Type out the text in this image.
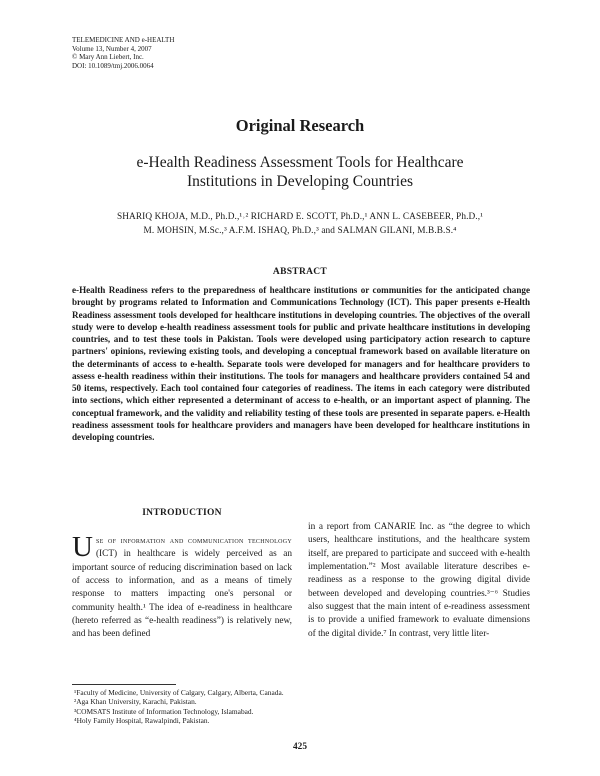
TELEMEDICINE AND e-HEALTH
Volume 13, Number 4, 2007
© Mary Ann Liebert, Inc.
DOI: 10.1089/tmj.2006.0064
Original Research
e-Health Readiness Assessment Tools for Healthcare
Institutions in Developing Countries
SHARIQ KHOJA, M.D., Ph.D.,¹˒² RICHARD E. SCOTT, Ph.D.,¹ ANN L. CASEBEER, Ph.D.,¹
M. MOHSIN, M.Sc.,³ A.F.M. ISHAQ, Ph.D.,³ and SALMAN GILANI, M.B.B.S.⁴
ABSTRACT
e-Health Readiness refers to the preparedness of healthcare institutions or communities for the anticipated change brought by programs related to Information and Communications Technology (ICT). This paper presents e-Health Readiness assessment tools developed for healthcare institutions in developing countries. The objectives of the overall study were to develop e-health readiness assessment tools for public and private healthcare institutions in developing countries, and to test these tools in Pakistan. Tools were developed using participatory action research to capture partners' opinions, reviewing existing tools, and developing a conceptual framework based on available literature on the determinants of access to e-health. Separate tools were developed for managers and for healthcare providers to assess e-health readiness within their institutions. The tools for managers and healthcare providers contained 54 and 50 items, respectively. Each tool contained four categories of readiness. The items in each category were distributed into sections, which either represented a determinant of access to e-health, or an important aspect of planning. The conceptual framework, and the validity and reliability testing of these tools are presented in separate papers. e-Health readiness assessment tools for healthcare providers and managers have been developed for healthcare institutions in developing countries.
INTRODUCTION
Use of information and communication technology (ICT) in healthcare is widely perceived as an important source of reducing discrimination based on lack of access to information, and as a means of timely response to matters impacting one's personal or community health.¹ The idea of e-readiness in healthcare (hereto referred as “e-health readiness”) is relatively new, and has been defined
in a report from CANARIE Inc. as “the degree to which users, healthcare institutions, and the healthcare system itself, are prepared to participate and succeed with e-health implementation.”² Most available literature describes e-readiness as a response to the growing digital divide between developed and developing countries.³⁻⁶ Studies also suggest that the main intent of e-readiness assessment is to provide a unified framework to evaluate dimensions of the digital divide.⁷ In contrast, very little liter-
¹Faculty of Medicine, University of Calgary, Calgary, Alberta, Canada.
²Aga Khan University, Karachi, Pakistan.
³COMSATS Institute of Information Technology, Islamabad.
⁴Holy Family Hospital, Rawalpindi, Pakistan.
425
